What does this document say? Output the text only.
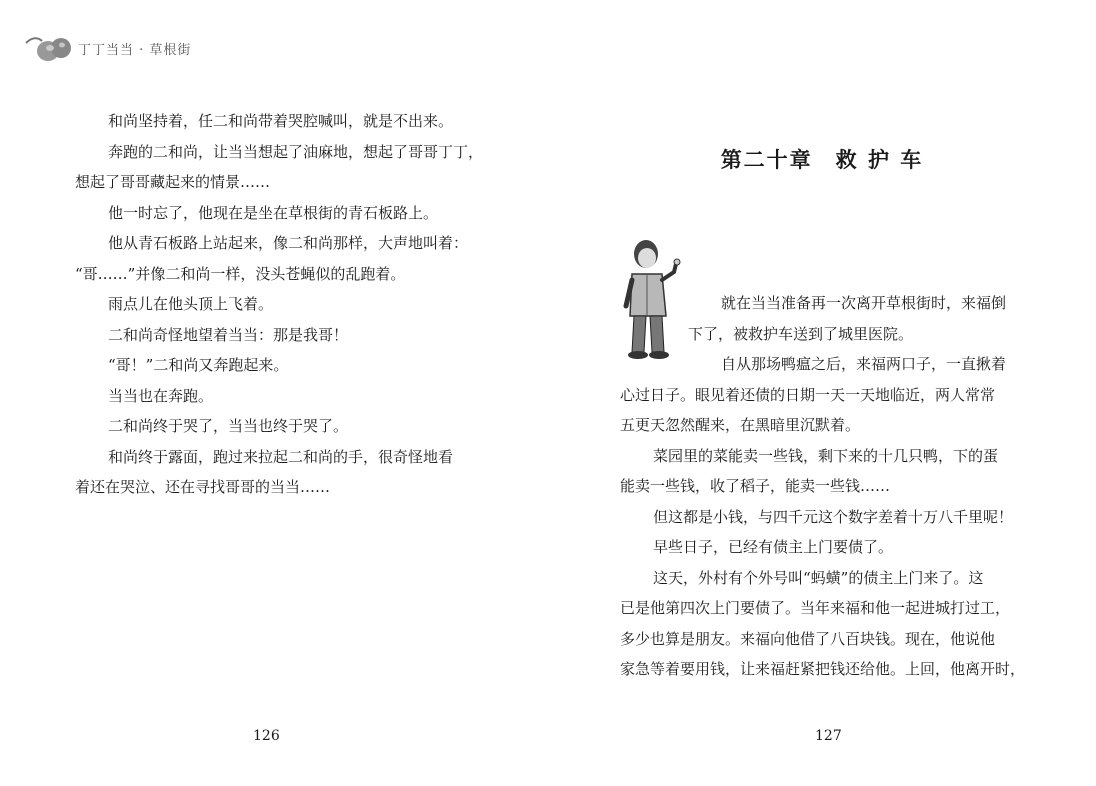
丁丁当当 · 草根街
和尚坚持着，任二和尚带着哭腔喊叫，就是不出来。
奔跑的二和尚，让当当想起了油麻地，想起了哥哥丁丁，
想起了哥哥藏起来的情景……
他一时忘了，他现在是坐在草根街的青石板路上。
他从青石板路上站起来，像二和尚那样，大声地叫着：
“哥……”并像二和尚一样，没头苍蝇似的乱跑着。
雨点儿在他头顶上飞着。
二和尚奇怪地望着当当：那是我哥！
“哥！”二和尚又奔跑起来。
当当也在奔跑。
二和尚终于哭了，当当也终于哭了。
和尚终于露面，跑过来拉起二和尚的手，很奇怪地看
着还在哭泣、还在寻找哥哥的当当……
第二十章　救 护 车
就在当当准备再一次离开草根街时，来福倒
下了，被救护车送到了城里医院。
自从那场鸭瘟之后，来福两口子，一直揪着
心过日子。眼见着还债的日期一天一天地临近，两人常常
五更天忽然醒来，在黑暗里沉默着。
菜园里的菜能卖一些钱，剩下来的十几只鸭，下的蛋
能卖一些钱，收了稻子，能卖一些钱……
但这都是小钱，与四千元这个数字差着十万八千里呢！
早些日子，已经有债主上门要债了。
这天，外村有个外号叫“蚂蟥”的债主上门来了。这
已是他第四次上门要债了。当年来福和他一起进城打过工，
多少也算是朋友。来福向他借了八百块钱。现在，他说他
家急等着要用钱，让来福赶紧把钱还给他。上回，他离开时，
126	127
